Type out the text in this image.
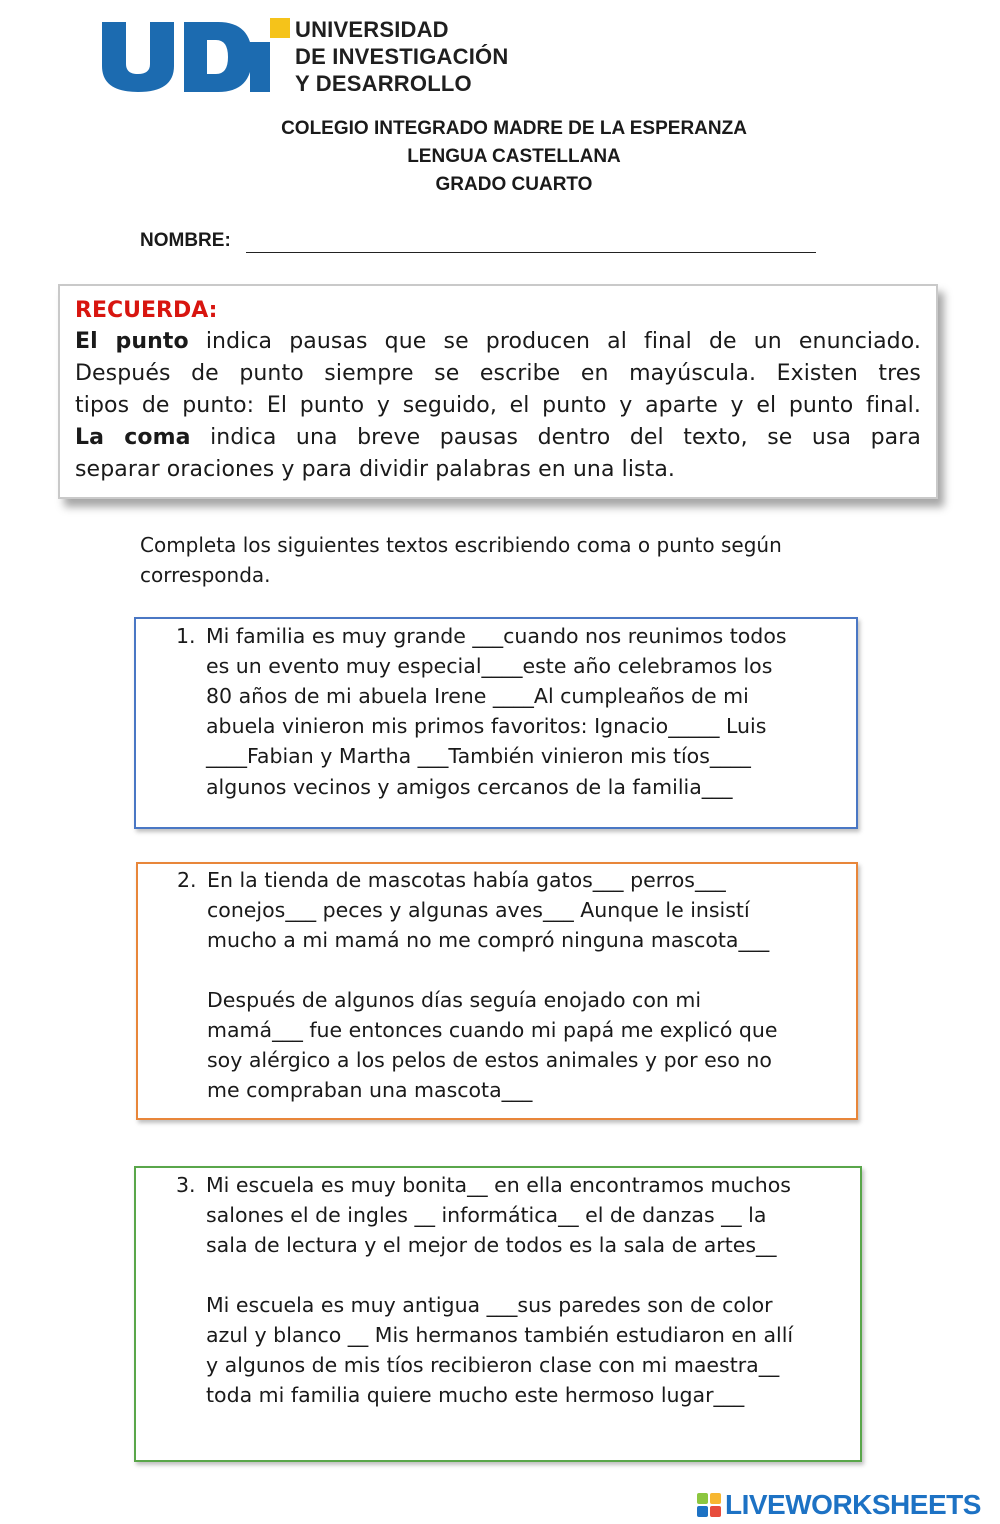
UNIVERSIDAD
DE INVESTIGACIÓN
Y DESARROLLO
COLEGIO INTEGRADO MADRE DE LA ESPERANZA
LENGUA CASTELLANA
GRADO CUARTO
NOMBRE:
RECUERDA:
El punto indica pausas que se producen al final de un enunciado.
Después de punto siempre se escribe en mayúscula. Existen tres
tipos de punto: El punto y seguido, el punto y aparte y el punto final.
La coma indica una breve pausas dentro del texto, se usa para
separar oraciones y para dividir palabras en una lista.
Completa los siguientes textos escribiendo coma o punto según
corresponda.
1. Mi familia es muy grande ___cuando nos reunimos todos
es un evento muy especial____este año celebramos los
80 años de mi abuela Irene ____Al cumpleaños de mi
abuela vinieron mis primos favoritos: Ignacio_____ Luis
____Fabian y Martha ___También vinieron mis tíos____
algunos vecinos y amigos cercanos de la familia___
2. En la tienda de mascotas había gatos___ perros___
conejos___ peces y algunas aves___ Aunque le insistí
mucho a mi mamá no me compró ninguna mascota___
Después de algunos días seguía enojado con mi
mamá___ fue entonces cuando mi papá me explicó que
soy alérgico a los pelos de estos animales y por eso no
me compraban una mascota___
3. Mi escuela es muy bonita__ en ella encontramos muchos
salones el de ingles __ informática__ el de danzas __ la
sala de lectura y el mejor de todos es la sala de artes__
Mi escuela es muy antigua ___sus paredes son de color
azul y blanco __ Mis hermanos también estudiaron en allí
y algunos de mis tíos recibieron clase con mi maestra__
toda mi familia quiere mucho este hermoso lugar___
LIVEWORKSHEETS
